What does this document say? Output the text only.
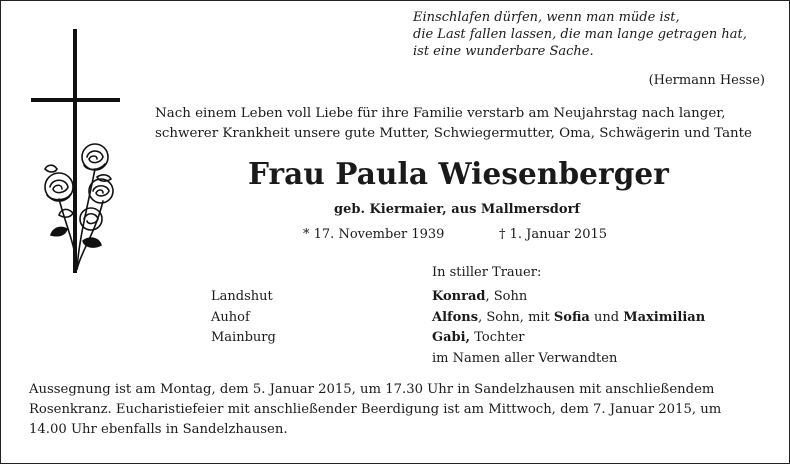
Einschlafen dürfen, wenn man müde ist,
die Last fallen lassen, die man lange getragen hat,
ist eine wunderbare Sache.
(Hermann Hesse)
Nach einem Leben voll Liebe für ihre Familie verstarb am Neujahrstag nach langer,
schwerer Krankheit unsere gute Mutter, Schwiegermutter, Oma, Schwägerin und Tante
Frau Paula Wiesenberger
geb. Kiermaier, aus Mallmersdorf
* 17. November 1939	† 1. Januar 2015
In stiller Trauer:
Landshut
Auhof
Mainburg
Konrad, Sohn
Alfons, Sohn, mit Sofia und Maximilian
Gabi, Tochter
im Namen aller Verwandten
Aussegnung ist am Montag, dem 5. Januar 2015, um 17.30 Uhr in Sandelzhausen mit anschließendem
Rosenkranz. Eucharistiefeier mit anschließender Beerdigung ist am Mittwoch, dem 7. Januar 2015, um
14.00 Uhr ebenfalls in Sandelzhausen.
